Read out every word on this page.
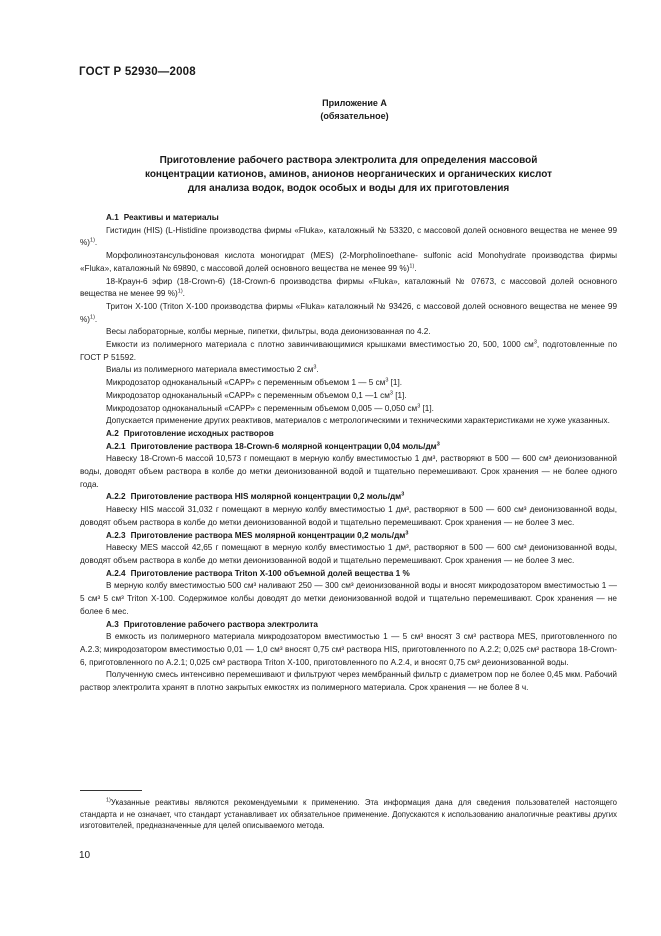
ГОСТ Р 52930—2008
Приложение А
(обязательное)
Приготовление рабочего раствора электролита для определения массовой
концентрации катионов, аминов, анионов неорганических и органических кислот
для анализа водок, водок особых и воды для их приготовления

А.1 Реактивы и материалы

Гистидин (HIS) (L-Histidine производства фирмы «Fluka», каталожный № 53320, с массовой долей основного вещества не менее 99 %)$^{1)}$.

Морфолиноэтансульфоновая кислота моногидрат (MES) (2-Morpholinoethane- sulfonic acid Monohydrate производства фирмы «Fluka», каталожный № 69890, с массовой долей основного вещества не менее 99 %)$^{1)}$.

18-Краун-6 эфир (18-Crown-6) (18-Crown-6 производства фирмы «Fluka», каталожный № 07673, с массовой долей основного вещества не менее 99 %)$^{1)}$.

Тритон Х-100 (Triton Х-100 производства фирмы «Fluka» каталожный № 93426, с массовой долей основного вещества не менее 99 %)$^{1)}$.

Весы лабораторные, колбы мерные, пипетки, фильтры, вода деионизованная по 4.2.

Емкости из полимерного материала с плотно завинчивающимися крышками вместимостью 20, 500, 1000 $см^3$, подготовленные по ГОСТ Р 51592.

Виалы из полимерного материала вместимостью 2 $см^3$.

Микродозатор одноканальный «САРР» с переменным объемом 1 — 5 $см^3$ [1].

Микродозатор одноканальный «САРР» с переменным объемом 0,1 —1 $см^3$ [1].

Микродозатор одноканальный «САРР» с переменным объемом 0,005 — 0,050 $см^3$ [1].

Допускается применение других реактивов, материалов с метрологическими и техническими характеристиками не хуже указанных.

А.2 Приготовление исходных растворов

А.2.1 Приготовление раствора 18-Crown-6 молярной концентрации 0,04 моль/$дм^3$

Навеску 18-Crown-6 массой 10,573 г помещают в мерную колбу вместимостью 1 дм³, растворяют в 500 — 600 см³ деионизованной воды, доводят объем раствора в колбе до метки деионизованной водой и тщательно перемешивают. Срок хранения — не более одного года.

А.2.2 Приготовление раствора HIS молярной концентрации 0,2 моль/$дм^3$

Навеску HIS массой 31,032 г помещают в мерную колбу вместимостью 1 дм³, растворяют в 500 — 600 см³ деионизованной воды, доводят объем раствора в колбе до метки деионизованной водой и тщательно перемешивают. Срок хранения — не более 3 мес.

А.2.3 Приготовление раствора MES молярной концентрации 0,2 моль/$дм^3$

Навеску MES массой 42,65 г помещают в мерную колбу вместимостью 1 дм³, растворяют в 500 — 600 см³ деионизованной воды, доводят объем раствора в колбе до метки деионизованной водой и тщательно перемешивают. Срок хранения — не более 3 мес.

А.2.4 Приготовление раствора Triton Х-100 объемной долей вещества 1 %

В мерную колбу вместимостью 500 см³ наливают 250 — 300 см³ деионизованной воды и вносят микродозатором вместимостью 1 — 5 см³ 5 см³ Triton Х-100. Содержимое колбы доводят до метки деионизованной водой и тщательно перемешивают. Срок хранения — не более 6 мес.

А.3 Приготовление рабочего раствора электролита

В емкость из полимерного материала микродозатором вместимостью 1 — 5 см³ вносят 3 см³ раствора MES, приготовленного по А.2.3; микродозатором вместимостью 0,01 — 1,0 см³ вносят 0,75 см³ раствора HIS, приготовленного по А.2.2; 0,025 см³ раствора 18-Crown-6, приготовленного по А.2.1; 0,025 см³ раствора Triton Х-100, приготовленного по А.2.4, и вносят 0,75 см³ деионизованной воды.

Полученную смесь интенсивно перемешивают и фильтруют через мембранный фильтр с диаметром пор не более 0,45 мкм. Рабочий раствор электролита хранят в плотно закрытых емкостях из полимерного материала. Срок хранения — не более 8 ч.

$^{1)}$Указанные реактивы являются рекомендуемыми к применению. Эта информация дана для сведения пользователей настоящего стандарта и не означает, что стандарт устанавливает их обязательное применение. Допускаются к использованию аналогичные реактивы других изготовителей, предназначенные для целей описываемого метода.
10
